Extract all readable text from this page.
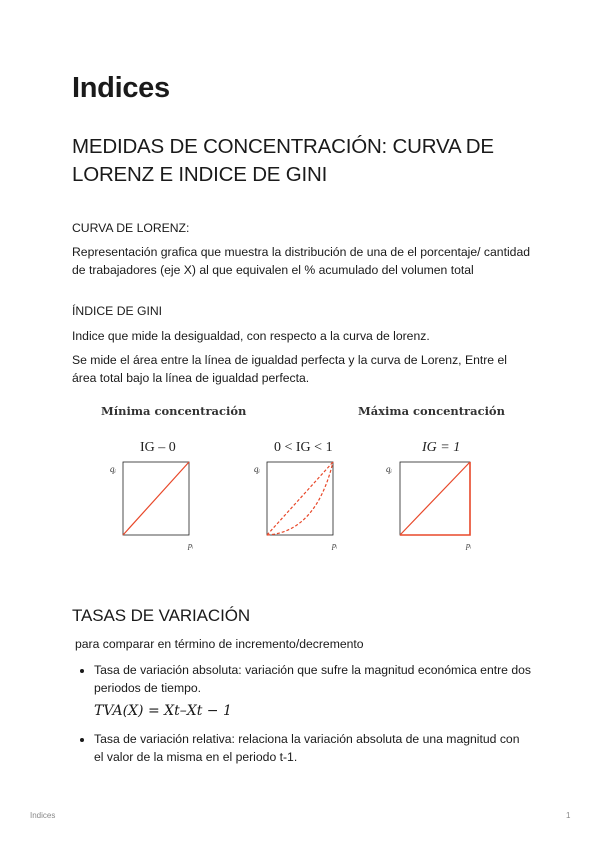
Indices
MEDIDAS DE CONCENTRACIÓN: CURVA DE LORENZ E INDICE DE GINI
CURVA DE LORENZ:
Representación grafica que muestra la distribución de una de el porcentaje/ cantidad de trabajadores (eje X) al que equivalen el % acumulado del volumen total
ÍNDICE DE GINI
Indice que mide la desigualdad, con respecto a la curva de lorenz.
Se mide el área entre la línea de igualdad perfecta y la curva de Lorenz, Entre el área total bajo la línea de igualdad perfecta.
Mínima concentración	Máxima concentración
IG – 0	0 < IG < 1	IG = 1
qᵢ	qᵢ	qᵢ
pᵢ	pᵢ	pᵢ
TASAS DE VARIACIÓN
para comparar en término de incremento/decremento
Tasa de variación absoluta: variación que sufre la magnitud económica entre dos periodos de tiempo.
TVA(X) = Xt–Xt − 1
Tasa de variación relativa: relaciona la variación absoluta de una magnitud con el valor de la misma en el periodo t-1.
Indices	1
